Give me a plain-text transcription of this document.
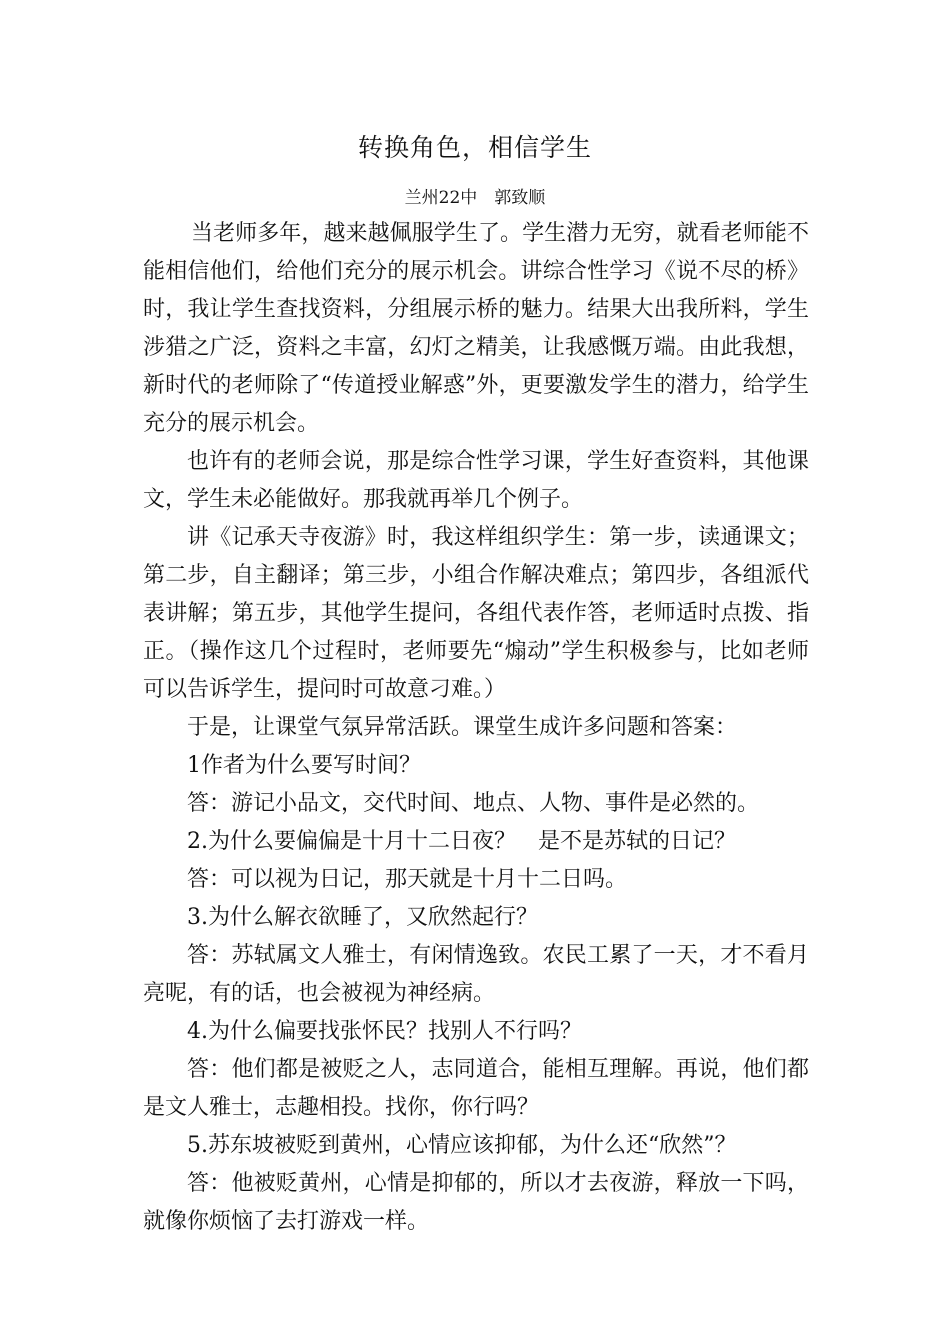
转换角色，相信学生
兰州22中　郭致顺

当老师多年，越来越佩服学生了。学生潜力无穷，就看老师能不能相信他们，给他们充分的展示机会。讲综合性学习《说不尽的桥》时，我让学生查找资料，分组展示桥的魅力。结果大出我所料，学生涉猎之广泛，资料之丰富，幻灯之精美，让我感慨万端。由此我想，新时代的老师除了“传道授业解惑”外，更要激发学生的潜力，给学生充分的展示机会。

也许有的老师会说，那是综合性学习课，学生好查资料，其他课文，学生未必能做好。那我就再举几个例子。

讲《记承天寺夜游》时，我这样组织学生：第一步，读通课文；第二步，自主翻译；第三步，小组合作解决难点；第四步，各组派代表讲解；第五步，其他学生提问，各组代表作答，老师适时点拨、指正。（操作这几个过程时，老师要先“煽动”学生积极参与，比如老师可以告诉学生，提问时可故意刁难。）

于是，让课堂气氛异常活跃。课堂生成许多问题和答案：

1作者为什么要写时间？

答：游记小品文，交代时间、地点、人物、事件是必然的。

2.为什么要偏偏是十月十二日夜？　是不是苏轼的日记？

答：可以视为日记，那天就是十月十二日吗。

3.为什么解衣欲睡了，又欣然起行？

答：苏轼属文人雅士，有闲情逸致。农民工累了一天，才不看月亮呢，有的话，也会被视为神经病。

4.为什么偏要找张怀民？找别人不行吗？

答：他们都是被贬之人，志同道合，能相互理解。再说，他们都是文人雅士，志趣相投。找你，你行吗？

5.苏东坡被贬到黄州，心情应该抑郁，为什么还“欣然”？

答：他被贬黄州，心情是抑郁的，所以才去夜游，释放一下吗，就像你烦恼了去打游戏一样。
